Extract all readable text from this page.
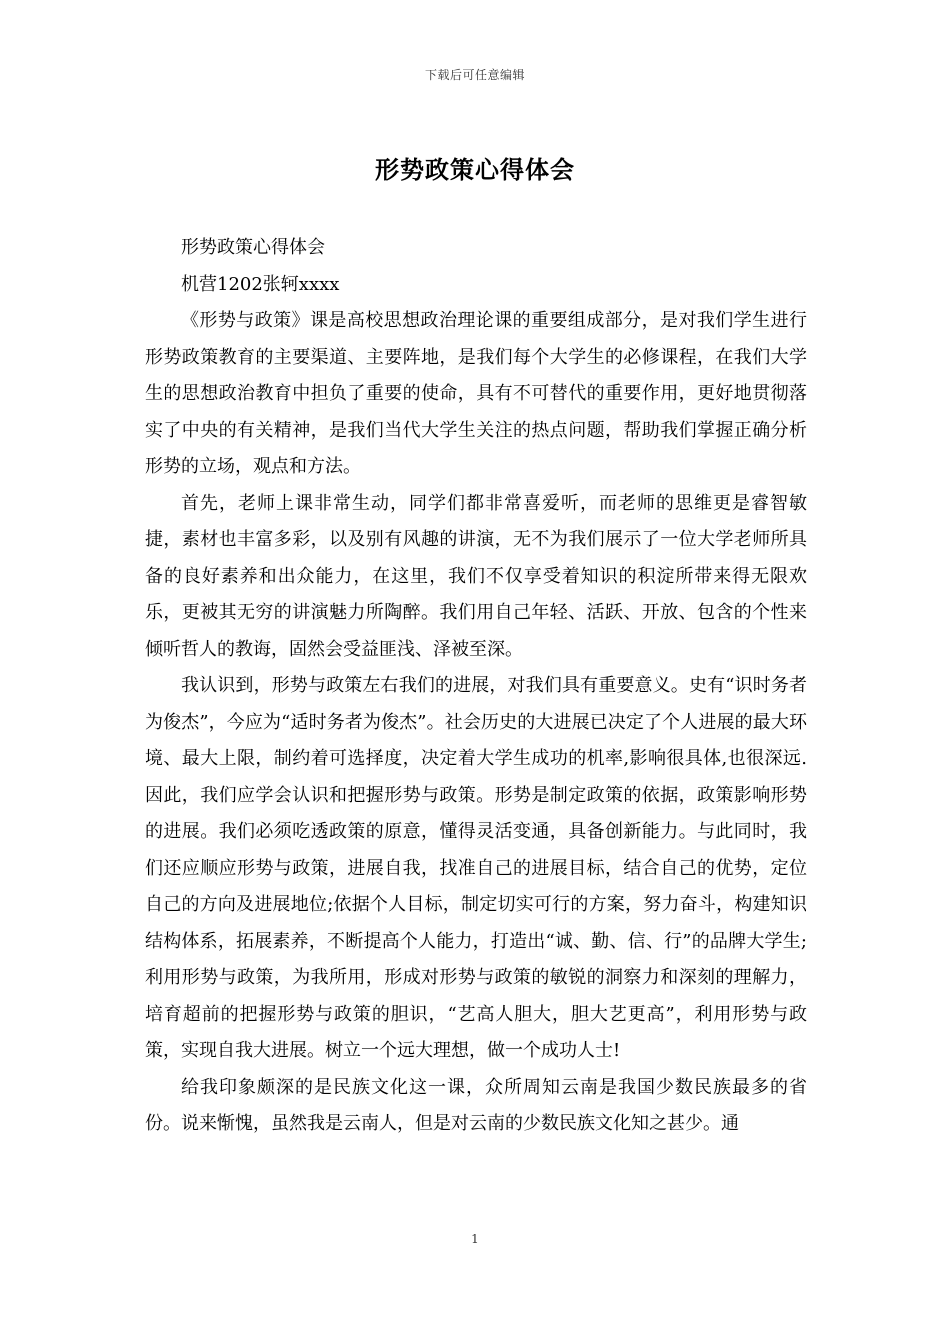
下载后可任意编辑
形势政策心得体会

形势政策心得体会

机营1202张轲xxxx

《形势与政策》课是高校思想政治理论课的重要组成部分，是对我们学生进行形势政策教育的主要渠道、主要阵地，是我们每个大学生的必修课程，在我们大学生的思想政治教育中担负了重要的使命，具有不可替代的重要作用，更好地贯彻落实了中央的有关精神，是我们当代大学生关注的热点问题，帮助我们掌握正确分析形势的立场，观点和方法。

首先，老师上课非常生动，同学们都非常喜爱听，而老师的思维更是睿智敏捷，素材也丰富多彩，以及别有风趣的讲演，无不为我们展示了一位大学老师所具备的良好素养和出众能力，在这里，我们不仅享受着知识的积淀所带来得无限欢乐，更被其无穷的讲演魅力所陶醉。我们用自己年轻、活跃、开放、包含的个性来倾听哲人的教诲，固然会受益匪浅、泽被至深。

我认识到，形势与政策左右我们的进展，对我们具有重要意义。史有“识时务者为俊杰”，今应为“适时务者为俊杰”。社会历史的大进展已决定了个人进展的最大环境、最大上限，制约着可选择度，决定着大学生成功的机率,影响很具体,也很深远.因此，我们应学会认识和把握形势与政策。形势是制定政策的依据，政策影响形势的进展。我们必须吃透政策的原意，懂得灵活变通，具备创新能力。与此同时，我们还应顺应形势与政策，进展自我，找准自己的进展目标，结合自己的优势，定位自己的方向及进展地位;依据个人目标，制定切实可行的方案，努力奋斗，构建知识结构体系，拓展素养，不断提高个人能力，打造出“诚、勤、信、行”的品牌大学生;利用形势与政策，为我所用，形成对形势与政策的敏锐的洞察力和深刻的理解力，培育超前的把握形势与政策的胆识，“艺高人胆大，胆大艺更高”，利用形势与政策，实现自我大进展。树立一个远大理想，做一个成功人士!

给我印象颇深的是民族文化这一课，众所周知云南是我国少数民族最多的省份。说来惭愧，虽然我是云南人，但是对云南的少数民族文化知之甚少。通

1
